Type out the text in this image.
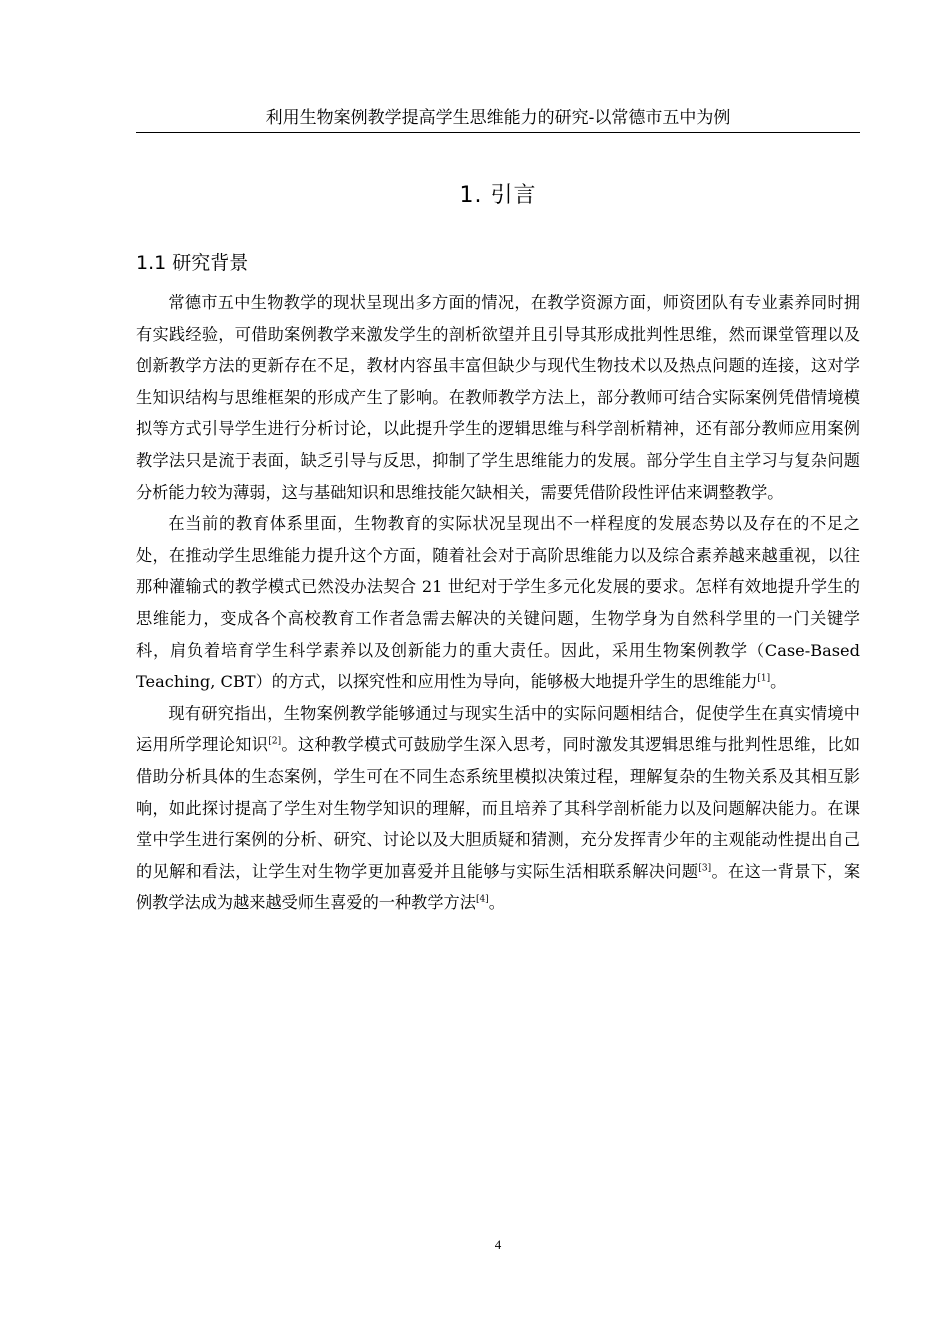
利用生物案例教学提高学生思维能力的研究-以常德市五中为例
1. 引言
1.1 研究背景

常德市五中生物教学的现状呈现出多方面的情况，在教学资源方面，师资团队有专业素养同时拥有实践经验，可借助案例教学来激发学生的剖析欲望并且引导其形成批判性思维，然而课堂管理以及创新教学方法的更新存在不足，教材内容虽丰富但缺少与现代生物技术以及热点问题的连接，这对学生知识结构与思维框架的形成产生了影响。在教师教学方法上，部分教师可结合实际案例凭借情境模拟等方式引导学生进行分析讨论，以此提升学生的逻辑思维与科学剖析精神，还有部分教师应用案例教学法只是流于表面，缺乏引导与反思，抑制了学生思维能力的发展。部分学生自主学习与复杂问题分析能力较为薄弱，这与基础知识和思维技能欠缺相关，需要凭借阶段性评估来调整教学。

在当前的教育体系里面，生物教育的实际状况呈现出不一样程度的发展态势以及存在的不足之处，在推动学生思维能力提升这个方面，随着社会对于高阶思维能力以及综合素养越来越重视，以往那种灌输式的教学模式已然没办法契合 21 世纪对于学生多元化发展的要求。怎样有效地提升学生的思维能力，变成各个高校教育工作者急需去解决的关键问题，生物学身为自然科学里的一门关键学科，肩负着培育学生科学素养以及创新能力的重大责任。因此，采用生物案例教学（Case-Based Teaching, CBT）的方式，以探究性和应用性为导向，能够极大地提升学生的思维能力[1]。

现有研究指出，生物案例教学能够通过与现实生活中的实际问题相结合，促使学生在真实情境中运用所学理论知识[2]。这种教学模式可鼓励学生深入思考，同时激发其逻辑思维与批判性思维，比如借助分析具体的生态案例，学生可在不同生态系统里模拟决策过程，理解复杂的生物关系及其相互影响，如此探讨提高了学生对生物学知识的理解，而且培养了其科学剖析能力以及问题解决能力。在课堂中学生进行案例的分析、研究、讨论以及大胆质疑和猜测，充分发挥青少年的主观能动性提出自己的见解和看法，让学生对生物学更加喜爱并且能够与实际生活相联系解决问题[3]。在这一背景下，案例教学法成为越来越受师生喜爱的一种教学方法[4]。

4
